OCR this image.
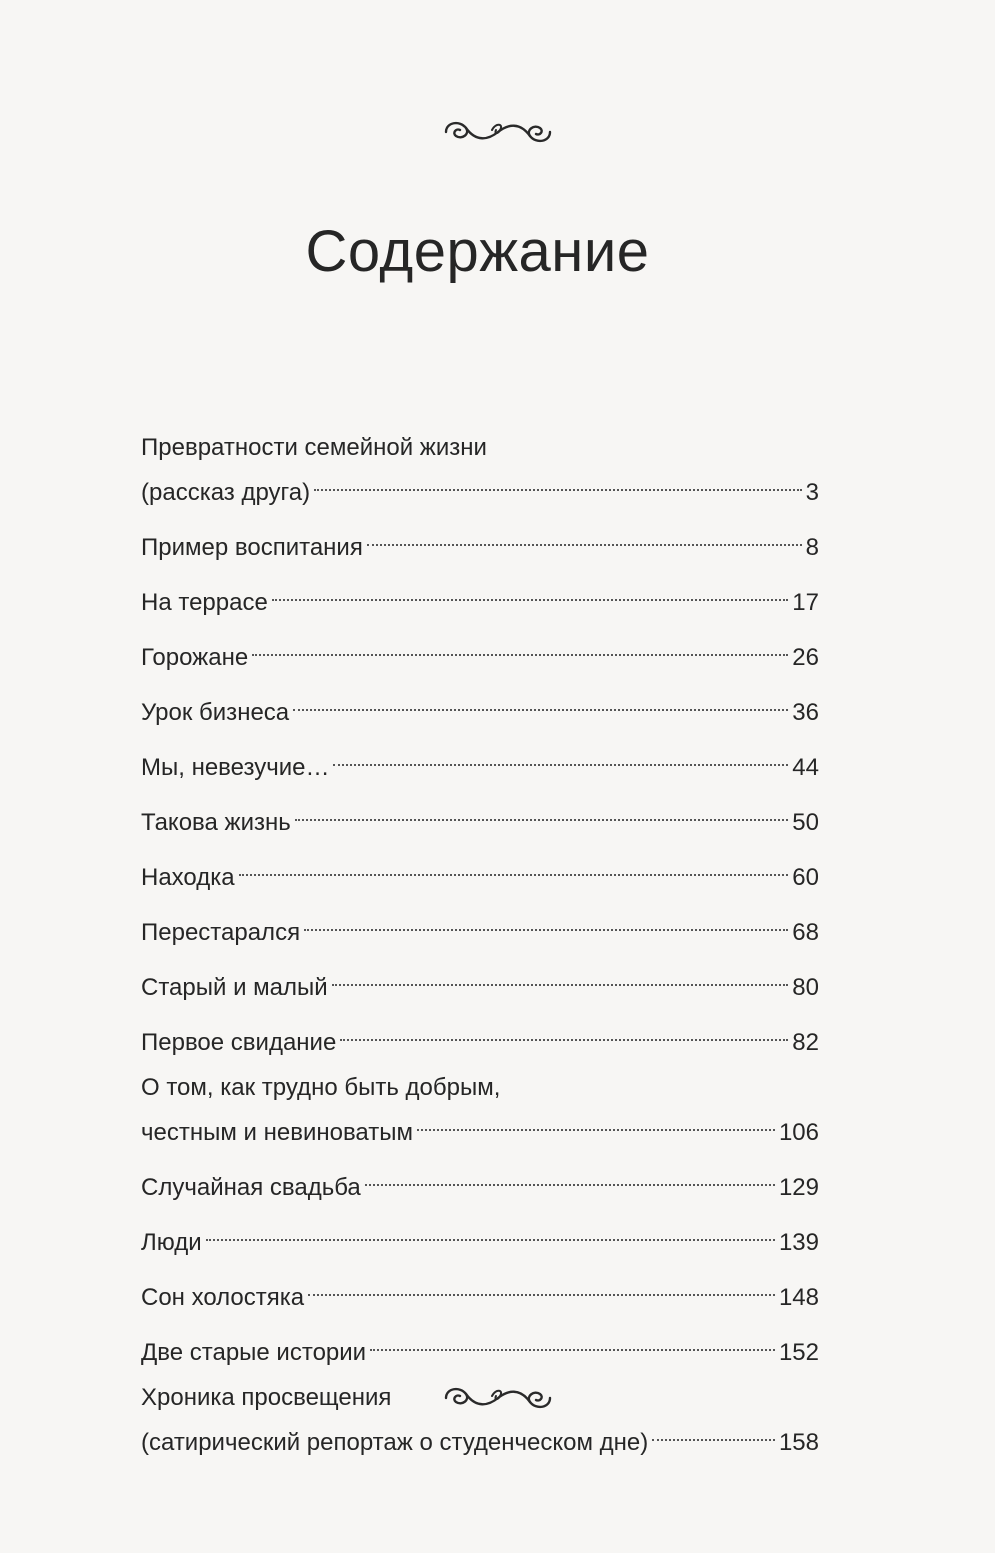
Содержание
Превратности семейной жизни
(рассказ друга)	3
Пример воспитания	8
На террасе	17
Горожане	26
Урок бизнеса	36
Мы, невезучие…	44
Такова жизнь	50
Находка	60
Перестарался	68
Старый и малый	80
Первое свидание	82
О том, как трудно быть добрым,
честным и невиноватым	106
Случайная свадьба	129
Люди	139
Сон холостяка	148
Две старые истории	152
Хроника просвещения
(сатирический репортаж о студенческом дне)	158
